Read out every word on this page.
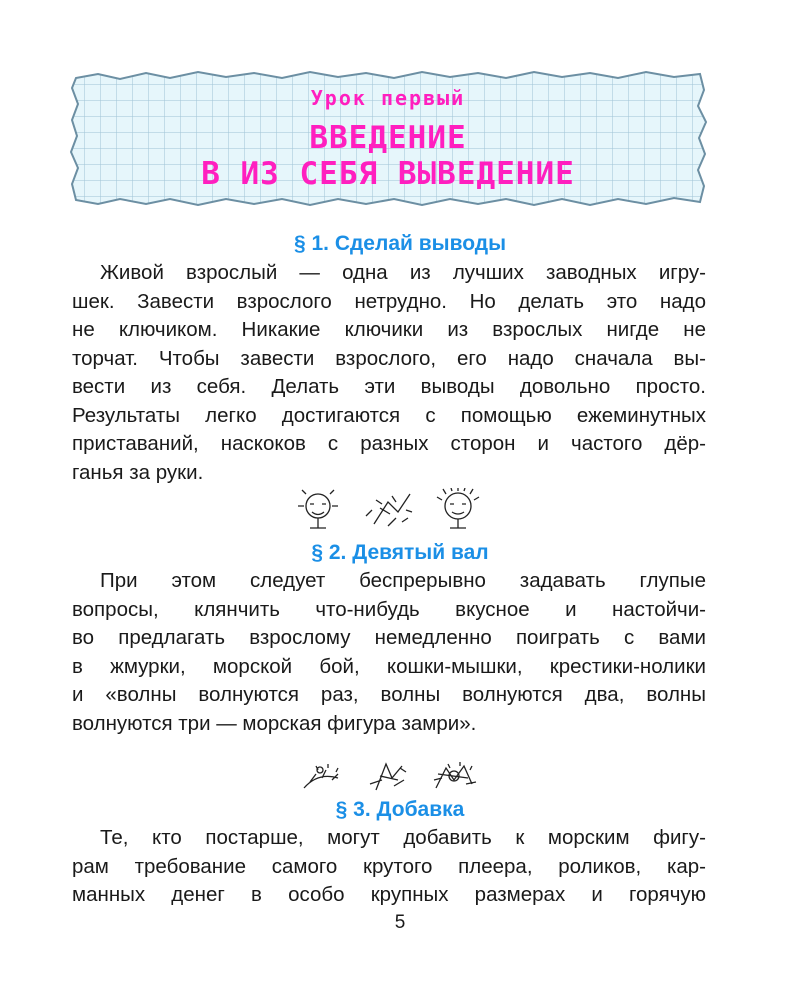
Урок первый
ВВЕДЕНИЕ
В ИЗ СЕБЯ ВЫВЕДЕНИЕ
§ 1. Сделай выводы
Живой взрослый — одна из лучших заводных игру-
шек. Завести взрослого нетрудно. Но делать это надо
не ключиком. Никакие ключики из взрослых нигде не
торчат. Чтобы завести взрослого, его надо сначала вы-
вести из себя. Делать эти выводы довольно просто.
Результаты легко достигаются с помощью ежеминутных
приставаний, наскоков с разных сторон и частого дёр-
ганья за руки.
§ 2. Девятый вал
При этом следует беспрерывно задавать глупые
вопросы, клянчить что-нибудь вкусное и настойчи-
во предлагать взрослому немедленно поиграть с вами
в жмурки, морской бой, кошки-мышки, крестики-нолики
и «волны волнуются раз, волны волнуются два, волны
волнуются три — морская фигура замри».
§ 3. Добавка
Те, кто постарше, могут добавить к морским фигу-
рам требование самого крутого плеера, роликов, кар-
манных денег в особо крупных размерах и горячую
5
